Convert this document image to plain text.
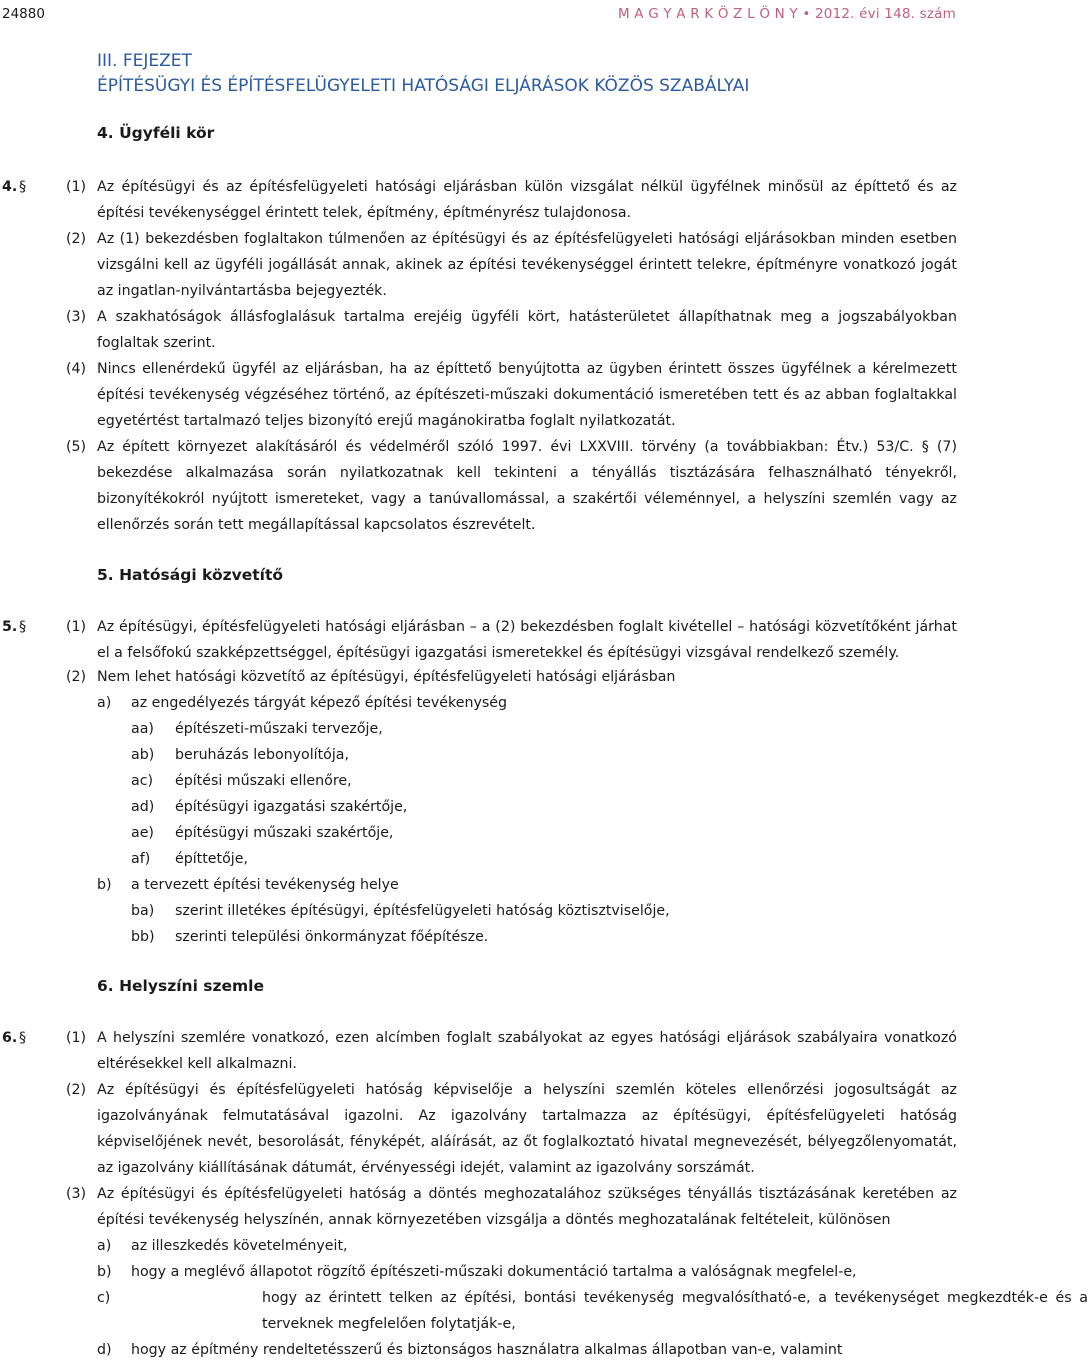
24880	M A G Y A R K Ö Z L Ö N Y • 2012. évi 148. szám
III. FEJEZET
ÉPÍTÉSÜGYI ÉS ÉPÍTÉSFELÜGYELETI HATÓSÁGI ELJÁRÁSOK KÖZÖS SZABÁLYAI
4. Ügyféli kör
4. §	(1) Az építésügyi és az építésfelügyeleti hatósági eljárásban külön vizsgálat nélkül ügyfélnek minősül az építtető és az építési tevékenységgel érintett telek, építmény, építményrész tulajdonosa.
(2) Az (1) bekezdésben foglaltakon túlmenően az építésügyi és az építésfelügyeleti hatósági eljárásokban minden esetben vizsgálni kell az ügyféli jogállását annak, akinek az építési tevékenységgel érintett telekre, építményre vonatkozó jogát az ingatlan-nyilvántartásba bejegyezték.
(3) A szakhatóságok állásfoglalásuk tartalma erejéig ügyféli kört, hatásterületet állapíthatnak meg a jogszabályokban foglaltak szerint.
(4) Nincs ellenérdekű ügyfél az eljárásban, ha az építtető benyújtotta az ügyben érintett összes ügyfélnek a kérelmezett építési tevékenység végzéséhez történő, az építészeti-műszaki dokumentáció ismeretében tett és az abban foglaltakkal egyetértést tartalmazó teljes bizonyító erejű magánokiratba foglalt nyilatkozatát.
(5) Az épített környezet alakításáról és védelméről szóló 1997. évi LXXVIII. törvény (a továbbiakban: Étv.) 53/C. § (7) bekezdése alkalmazása során nyilatkozatnak kell tekinteni a tényállás tisztázására felhasználható tényekről, bizonyítékokról nyújtott ismereteket, vagy a tanúvallomással, a szakértői véleménnyel, a helyszíni szemlén vagy az ellenőrzés során tett megállapítással kapcsolatos észrevételt.
5. Hatósági közvetítő
5. §	(1) Az építésügyi, építésfelügyeleti hatósági eljárásban – a (2) bekezdésben foglalt kivétellel – hatósági közvetítőként járhat el a felsőfokú szakképzettséggel, építésügyi igazgatási ismeretekkel és építésügyi vizsgával rendelkező személy.
(2) Nem lehet hatósági közvetítő az építésügyi, építésfelügyeleti hatósági eljárásban
a) az engedélyezés tárgyát képező építési tevékenység
aa) építészeti-műszaki tervezője,
ab) beruházás lebonyolítója,
ac) építési műszaki ellenőre,
ad) építésügyi igazgatási szakértője,
ae) építésügyi műszaki szakértője,
af) építtetője,
b) a tervezett építési tevékenység helye
ba) szerint illetékes építésügyi, építésfelügyeleti hatóság köztisztviselője,
bb) szerinti települési önkormányzat főépítésze.
6. Helyszíni szemle
6. §	(1) A helyszíni szemlére vonatkozó, ezen alcímben foglalt szabályokat az egyes hatósági eljárások szabályaira vonatkozó eltérésekkel kell alkalmazni.
(2) Az építésügyi és építésfelügyeleti hatóság képviselője a helyszíni szemlén köteles ellenőrzési jogosultságát az igazolványának felmutatásával igazolni. Az igazolvány tartalmazza az építésügyi, építésfelügyeleti hatóság képviselőjének nevét, besorolását, fényképét, aláírását, az őt foglalkoztató hivatal megnevezését, bélyegzőlenyomatát, az igazolvány kiállításának dátumát, érvényességi idejét, valamint az igazolvány sorszámát.
(3) Az építésügyi és építésfelügyeleti hatóság a döntés meghozatalához szükséges tényállás tisztázásának keretében az építési tevékenység helyszínén, annak környezetében vizsgálja a döntés meghozatalának feltételeit, különösen
a) az illeszkedés követelményeit,
b) hogy a meglévő állapotot rögzítő építészeti-műszaki dokumentáció tartalma a valóságnak megfelel-e,
c)	hogy az érintett telken az építési, bontási tevékenység megvalósítható-e, a tevékenységet megkezdték-e és a terveknek megfelelően folytatják-e,
d) hogy az építmény rendeltetésszerű és biztonságos használatra alkalmas állapotban van-e, valamint
